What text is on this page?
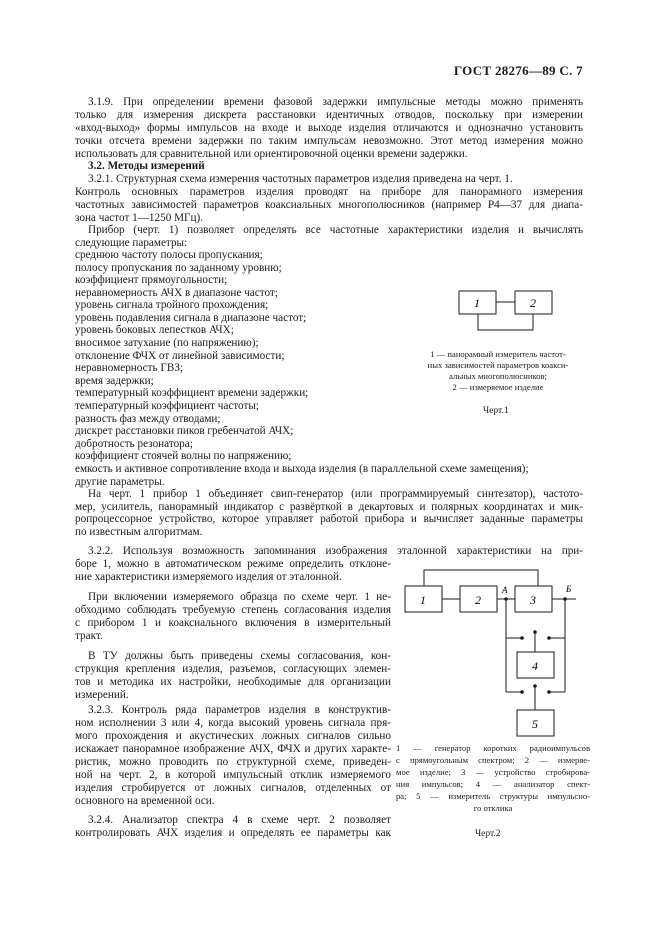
ГОСТ 28276—89 С. 7
3.1.9. При определении времени фазовой задержки импульсные методы можно применять
только для измерения дискрета расстановки идентичных отводов, поскольку при измерении
«вход-выход» формы импульсов на входе и выходе изделия отличаются и однозначно установить
точки отсчета времени задержки по таким импульсам невозможно. Этот метод измерения можно
использовать для сравнительной или ориентировочной оценки времени задержки.
3.2. Методы измерений
3.2.1. Структурная схема измерения частотных параметров изделия приведена на черт. 1.
Контроль основных параметров изделия проводят на приборе для панорамного измерения
частотных зависимостей параметров коаксиальных многополюсников (например Р4—37 для диапа-
зона частот 1—1250 МГц).
Прибор (черт. 1) позволяет определять все частотные характеристики изделия и вычислять
следующие параметры:
среднюю частоту полосы пропускания;
полосу пропускания по заданному уровню;
коэффициент прямоугольности;
неравномерность АЧХ в диапазоне частот;
уровень сигнала тройного прохождения;
уровень подавления сигнала в диапазоне частот;
уровень боковых лепестков АЧХ;
вносимое затухание (по напряжению);
отклонение ФЧХ от линейной зависимости;
неравномерность ГВЗ;
время задержки;
температурный коэффициент времени задержки;
температурный коэффициент частоты;
разность фаз между отводами;
дискрет расстановки пиков гребенчатой АЧХ;
добротность резонатора;
коэффициент стоячей волны по напряжению;
емкость и активное сопротивление входа и выхода изделия (в параллельной схеме замещения);
другие параметры.
На черт. 1 прибор 1 объединяет свип-генератор (или программируемый синтезатор), частото-
мер, усилитель, панорамный индикатор с развёрткой в декартовых и полярных координатах и мик-
ропроцессорное устройство, которое управляет работой прибора и вычисляет заданные параметры
по известным алгоритмам.
3.2.2. Используя возможность запоминания изображения эталонной характеристики на при-
боре 1, можно в автоматическом режиме определить отклоне-
ние характеристики измеряемого изделия от эталонной.
При включении измеряемого образца по схеме черт. 1 не-
обходимо соблюдать требуемую степень согласования изделия
с прибором 1 и коаксиального включения в измерительный
тракт.
В ТУ должны быть приведены схемы согласования, кон-
струкция крепления изделия, разъемов, согласующих элемен-
тов и методика их настройки, необходимые для организации
измерений.
3.2.3. Контроль ряда параметров изделия в конструктив-
ном исполнении 3 или 4, когда высокий уровень сигнала пря-
мого прохождения и акустических ложных сигналов сильно
искажает панорамное изображение АЧХ, ФЧХ и других характе-
ристик, можно проводить по структурной схеме, приведен-
ной на черт. 2, в которой импульсный отклик измеряемого
изделия стробируется от ложных сигналов, отделенных от
основного на временной оси.
3.2.4. Анализатор спектра 4 в схеме черт. 2 позволяет
контролировать АЧХ изделия и определять ее параметры как
1	2
1 — панорамный измеритель частот-
ных зависимостей параметров коакси-
альных многополюсников;
2 — измеряемое изделие
Черт.1
1	2	3
4
5
А	Б
1 — генератор коротких радиоимпульсов
с прямоугольным спектром; 2 — измеряе-
мое изделие; 3 — устройство стробирова-
ния импульсов; 4 — анализатор спект-
ра; 5 — измеритель структуры импульсно-
го отклика
Черт.2
